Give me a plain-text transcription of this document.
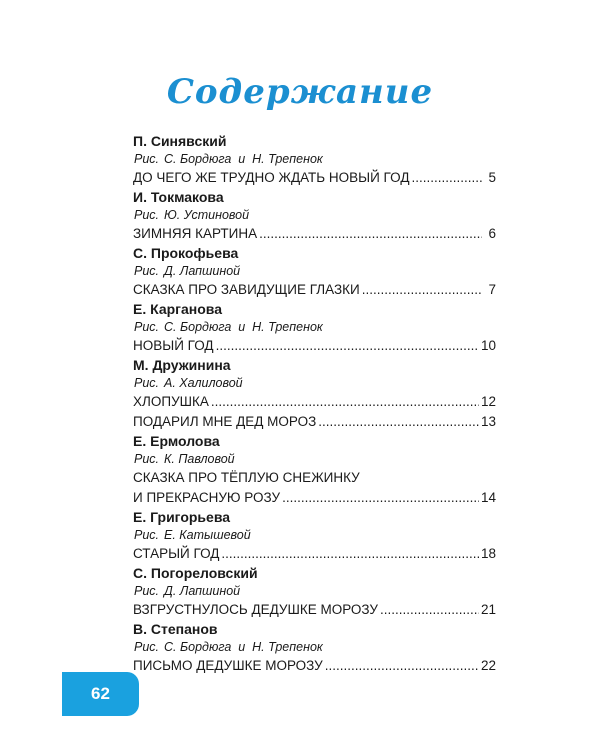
Содержание
П. Синявский
Рис. С. Бордюга  и  Н. Трепенок
ДО ЧЕГО ЖЕ ТРУДНО ЖДАТЬ НОВЫЙ ГОД .....	5
И. Токмакова
Рис. Ю. Устиновой
ЗИМНЯЯ КАРТИНА .....	6
С. Прокофьева
Рис. Д. Лапшиной
СКАЗКА ПРО ЗАВИДУЩИЕ ГЛАЗКИ .....	7
Е. Карганова
Рис. С. Бордюга  и  Н. Трепенок
НОВЫЙ ГОД .....	10
М. Дружинина
Рис. А. Халиловой
ХЛОПУШКА .....	12
ПОДАРИЛ МНЕ ДЕД МОРОЗ .....	13
Е. Ермолова
Рис. К. Павловой
СКАЗКА ПРО ТЁПЛУЮ СНЕЖИНКУ
И ПРЕКРАСНУЮ РОЗУ .....	14
Е. Григорьева
Рис. Е. Катышевой
СТАРЫЙ ГОД .....	18
С. Погореловский
Рис. Д. Лапшиной
ВЗГРУСТНУЛОСЬ ДЕДУШКЕ МОРОЗУ .....	21
В. Степанов
Рис. С. Бордюга  и  Н. Трепенок
ПИСЬМО ДЕДУШКЕ МОРОЗУ .....	22
62
